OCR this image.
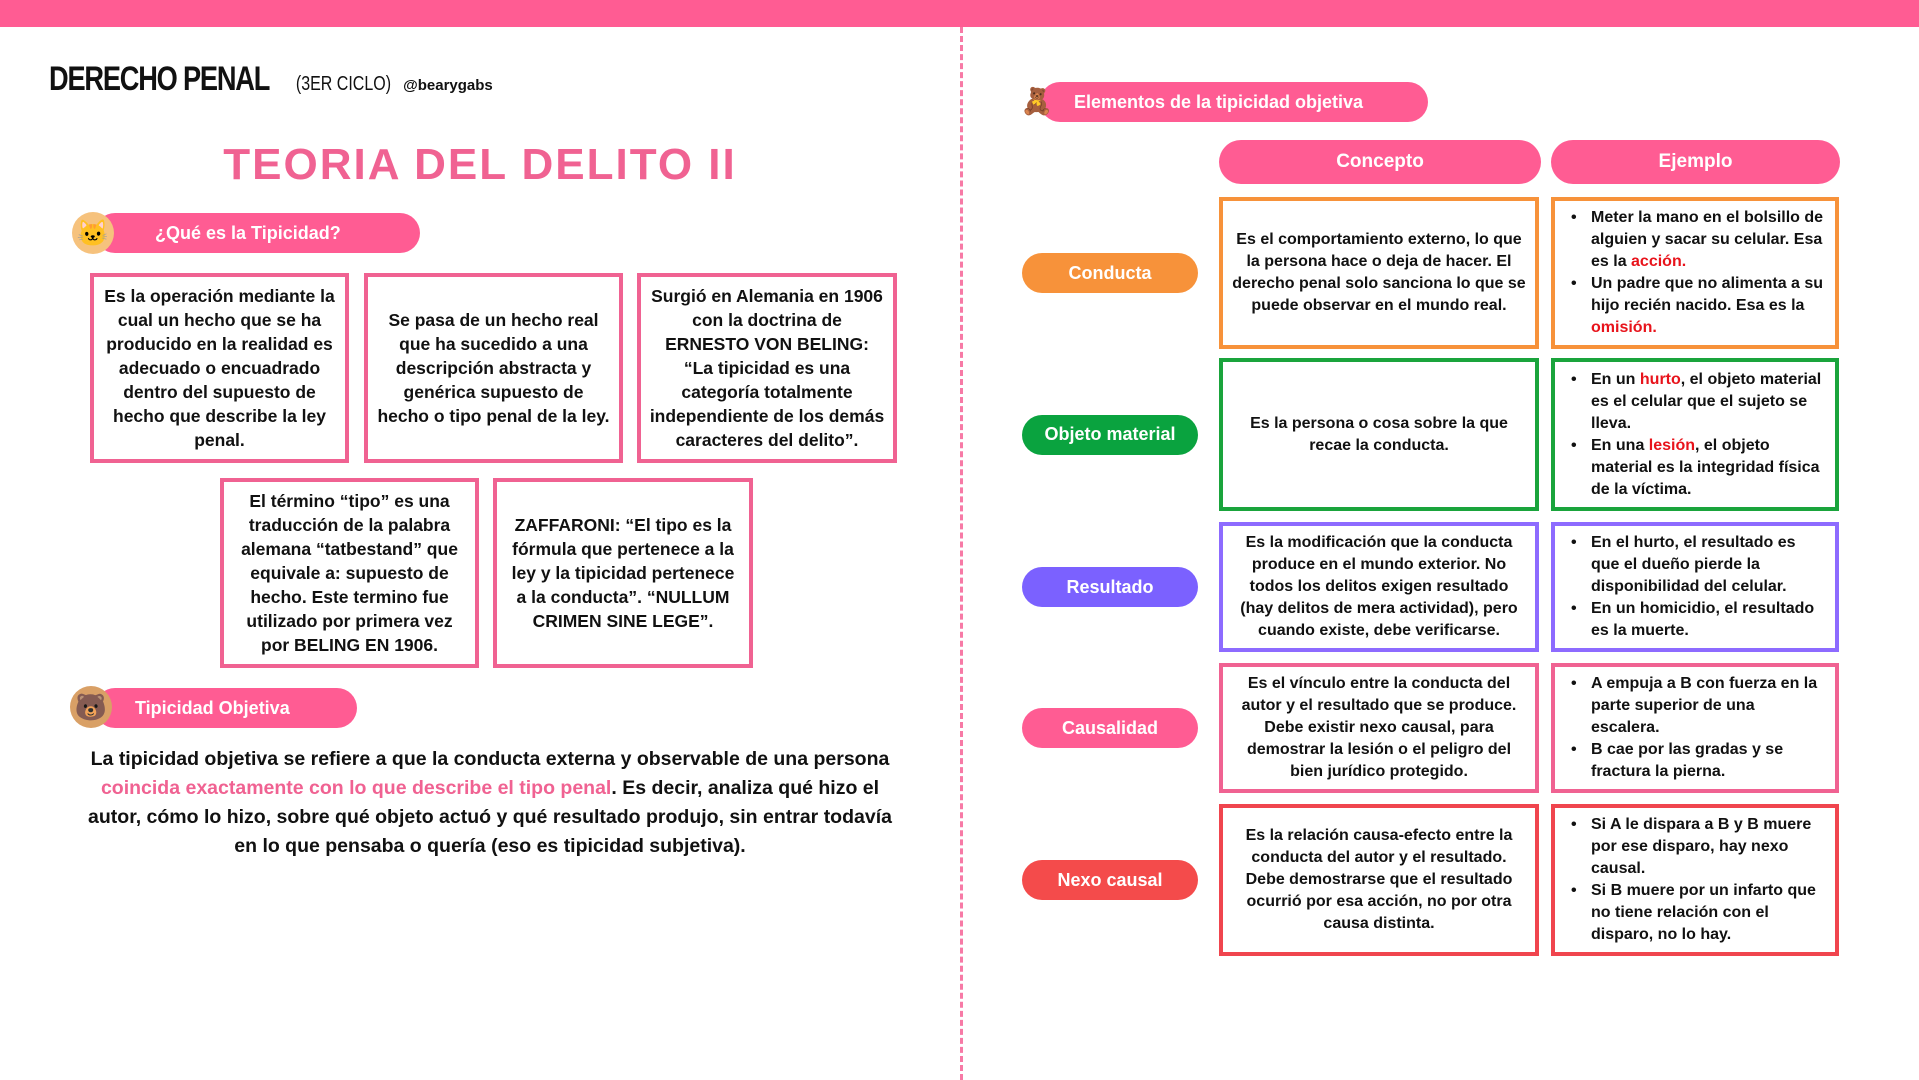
DERECHO PENAL (3ER CICLO) @bearygabs
TEORIA DEL DELITO II
¿Qué es la Tipicidad?
🐱
Es la operación mediante la cual un hecho que se ha producido en la realidad es adecuado o encuadrado dentro del supuesto de hecho que describe la ley penal.
Se pasa de un hecho real que ha sucedido a una descripción abstracta y genérica supuesto de hecho o tipo penal de la ley.
Surgió en Alemania en 1906 con la doctrina de ERNESTO VON BELING: “La tipicidad es una categoría totalmente independiente de los demás caracteres del delito”.
El término “tipo” es una traducción de la palabra alemana “tatbestand” que equivale a: supuesto de hecho. Este termino fue utilizado por primera vez por BELING EN 1906.
ZAFFARONI: “El tipo es la fórmula que pertenece a la ley y la tipicidad pertenece a la conducta”. “NULLUM CRIMEN SINE LEGE”.
Tipicidad Objetiva
🐻
La tipicidad objetiva se refiere a que la conducta externa y observable de una persona coincida exactamente con lo que describe el tipo penal. Es decir, analiza qué hizo el autor, cómo lo hizo, sobre qué objeto actuó y qué resultado produjo, sin entrar todavía en lo que pensaba o quería (eso es tipicidad subjetiva).
Elementos de la tipicidad objetiva
🧸
Concepto	Ejemplo
Conducta
Es el comportamiento externo, lo que la persona hace o deja de hacer. El derecho penal solo sanciona lo que se puede observar en el mundo real.
• Meter la mano en el bolsillo de alguien y sacar su celular. Esa es la acción.
• Un padre que no alimenta a su hijo recién nacido. Esa es la omisión.
Objeto material
Es la persona o cosa sobre la que recae la conducta.
• En un hurto, el objeto material es el celular que el sujeto se lleva.
• En una lesión, el objeto material es la integridad física de la víctima.
Resultado
Es la modificación que la conducta produce en el mundo exterior. No todos los delitos exigen resultado (hay delitos de mera actividad), pero cuando existe, debe verificarse.
• En el hurto, el resultado es que el dueño pierde la disponibilidad del celular.
• En un homicidio, el resultado es la muerte.
Causalidad
Es el vínculo entre la conducta del autor y el resultado que se produce. Debe existir nexo causal, para demostrar la lesión o el peligro del bien jurídico protegido.
• A empuja a B con fuerza en la parte superior de una escalera.
• B cae por las gradas y se fractura la pierna.
Nexo causal
Es la relación causa-efecto entre la conducta del autor y el resultado. Debe demostrarse que el resultado ocurrió por esa acción, no por otra causa distinta.
• Si A le dispara a B y B muere por ese disparo, hay nexo causal.
• Si B muere por un infarto que no tiene relación con el disparo, no lo hay.
